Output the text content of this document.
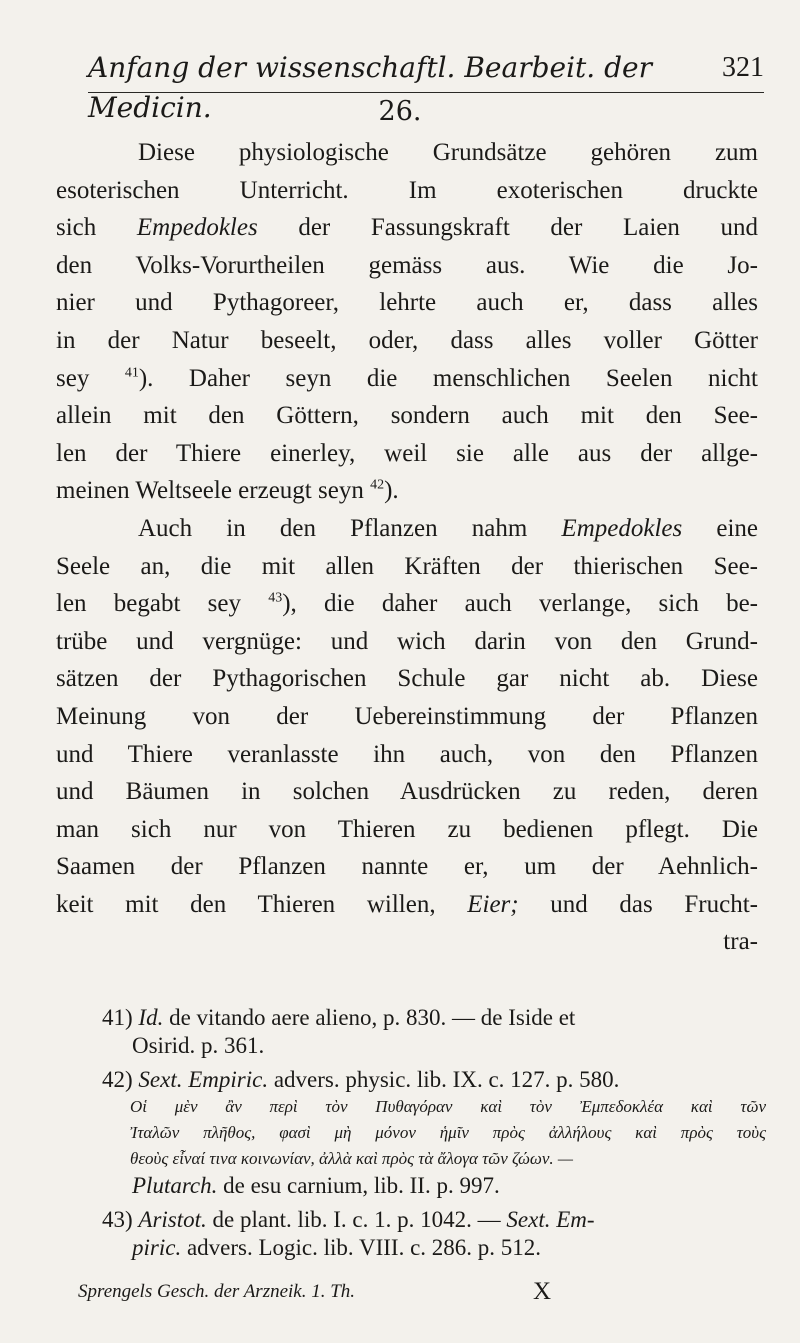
Anfang der wissenschaftl. Bearbeit. der Medicin.
321
26.
Diese physiologische Grundsätze gehören zum
esoterischen Unterricht. Im exoterischen druckte
sich Empedokles der Fassungskraft der Laien und
den Volks-Vorurtheilen gemäss aus. Wie die Jo-
nier und Pythagoreer, lehrte auch er, dass alles
in der Natur beseelt, oder, dass alles voller Götter
sey $^{41}$). Daher seyn die menschlichen Seelen nicht
allein mit den Göttern, sondern auch mit den See-
len der Thiere einerley, weil sie alle aus der allge-
meinen Weltseele erzeugt seyn $^{42}$).
Auch in den Pflanzen nahm Empedokles eine
Seele an, die mit allen Kräften der thierischen See-
len begabt sey $^{43}$), die daher auch verlange, sich be-
trübe und vergnüge: und wich darin von den Grund-
sätzen der Pythagorischen Schule gar nicht ab. Diese
Meinung von der Uebereinstimmung der Pflanzen
und Thiere veranlasste ihn auch, von den Pflanzen
und Bäumen in solchen Ausdrücken zu reden, deren
man sich nur von Thieren zu bedienen pflegt. Die
Saamen der Pflanzen nannte er, um der Aehnlich-
keit mit den Thieren willen, Eier; und das Frucht-
tra-
41) Id. de vitando aere alieno, p. 830. — de Iside et
Osirid. p. 361.
42) Sext. Empiric. advers. physic. lib. IX. c. 127. p. 580.
Οἱ μὲν ἂν περὶ τὸν Πυθαγόραν καὶ τὸν Ἐμπεδοκλέα καὶ τῶν
Ἰταλῶν πλῆθος, φασὶ μὴ μόνον ἡμῖν πρὸς ἀλλήλους καὶ πρὸς τοὺς
θεοὺς εἶναί τινα κοινωνίαν, ἀλλὰ καὶ πρὸς τὰ ἄλογα τῶν ζώων. —
Plutarch. de esu carnium, lib. II. p. 997.
43) Aristot. de plant. lib. I. c. 1. p. 1042. — Sext. Em-
piric. advers. Logic. lib. VIII. c. 286. p. 512.
Sprengels Gesch. der Arzneik. 1. Th.	X
